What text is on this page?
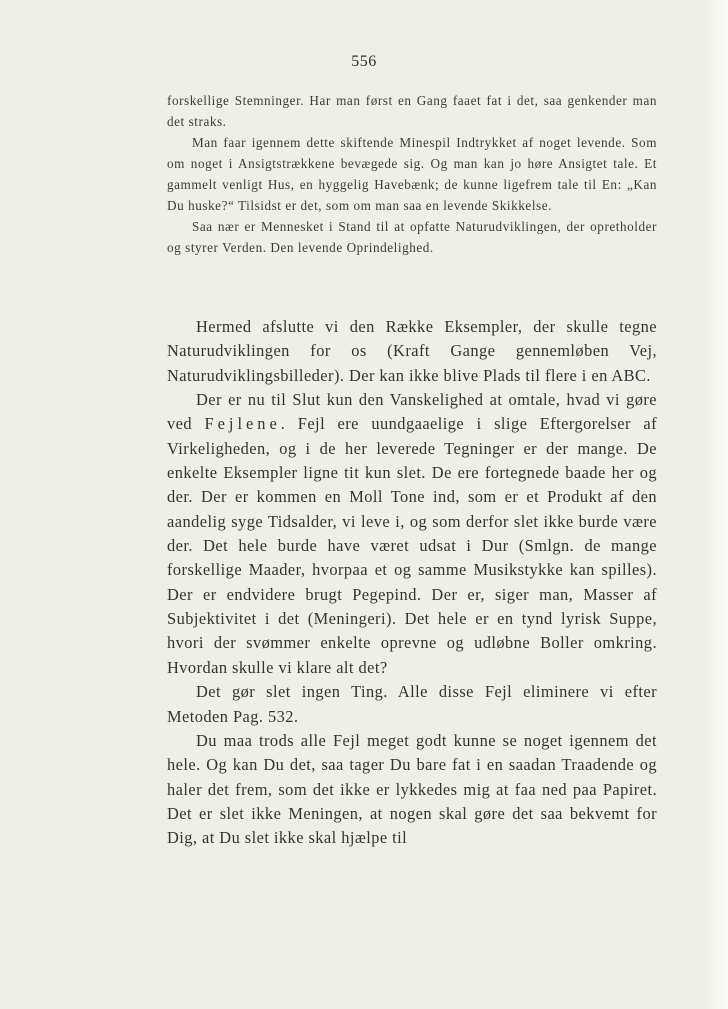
556

forskellige Stemninger. Har man først en Gang faaet fat i det, saa genkender man det straks.

Man faar igennem dette skiftende Minespil Indtrykket af noget levende. Som om noget i Ansigtstrækkene bevægede sig. Og man kan jo høre Ansigtet tale. Et gammelt venligt Hus, en hyggelig Havebænk; de kunne ligefrem tale til En: „Kan Du huske?“ Tilsidst er det, som om man saa en levende Skikkelse.

Saa nær er Mennesket i Stand til at opfatte Naturudviklingen, der opretholder og styrer Verden. Den levende Oprindelighed.

Hermed afslutte vi den Række Eksempler, der skulle tegne Naturudviklingen for os (Kraft Gange gennemløben Vej, Naturudviklingsbilleder). Der kan ikke blive Plads til flere i en ABC.

Der er nu til Slut kun den Vanskelighed at omtale, hvad vi gøre ved Fejlene. Fejl ere uundgaaelige i slige Eftergorelser af Virkeligheden, og i de her leverede Tegninger er der mange. De enkelte Eksempler ligne tit kun slet. De ere fortegnede baade her og der. Der er kommen en Moll Tone ind, som er et Produkt af den aandelig syge Tidsalder, vi leve i, og som derfor slet ikke burde være der. Det hele burde have været udsat i Dur (Smlgn. de mange forskellige Maader, hvorpaa et og samme Musikstykke kan spilles). Der er endvidere brugt Pegepind. Der er, siger man, Masser af Subjektivitet i det (Meningeri). Det hele er en tynd lyrisk Suppe, hvori der svømmer enkelte oprevne og udløbne Boller omkring. Hvordan skulle vi klare alt det?

Det gør slet ingen Ting. Alle disse Fejl eliminere vi efter Metoden Pag. 532.

Du maa trods alle Fejl meget godt kunne se noget igennem det hele. Og kan Du det, saa tager Du bare fat i en saadan Traadende og haler det frem, som det ikke er lykkedes mig at faa ned paa Papiret. Det er slet ikke Meningen, at nogen skal gøre det saa bekvemt for Dig, at Du slet ikke skal hjælpe til
